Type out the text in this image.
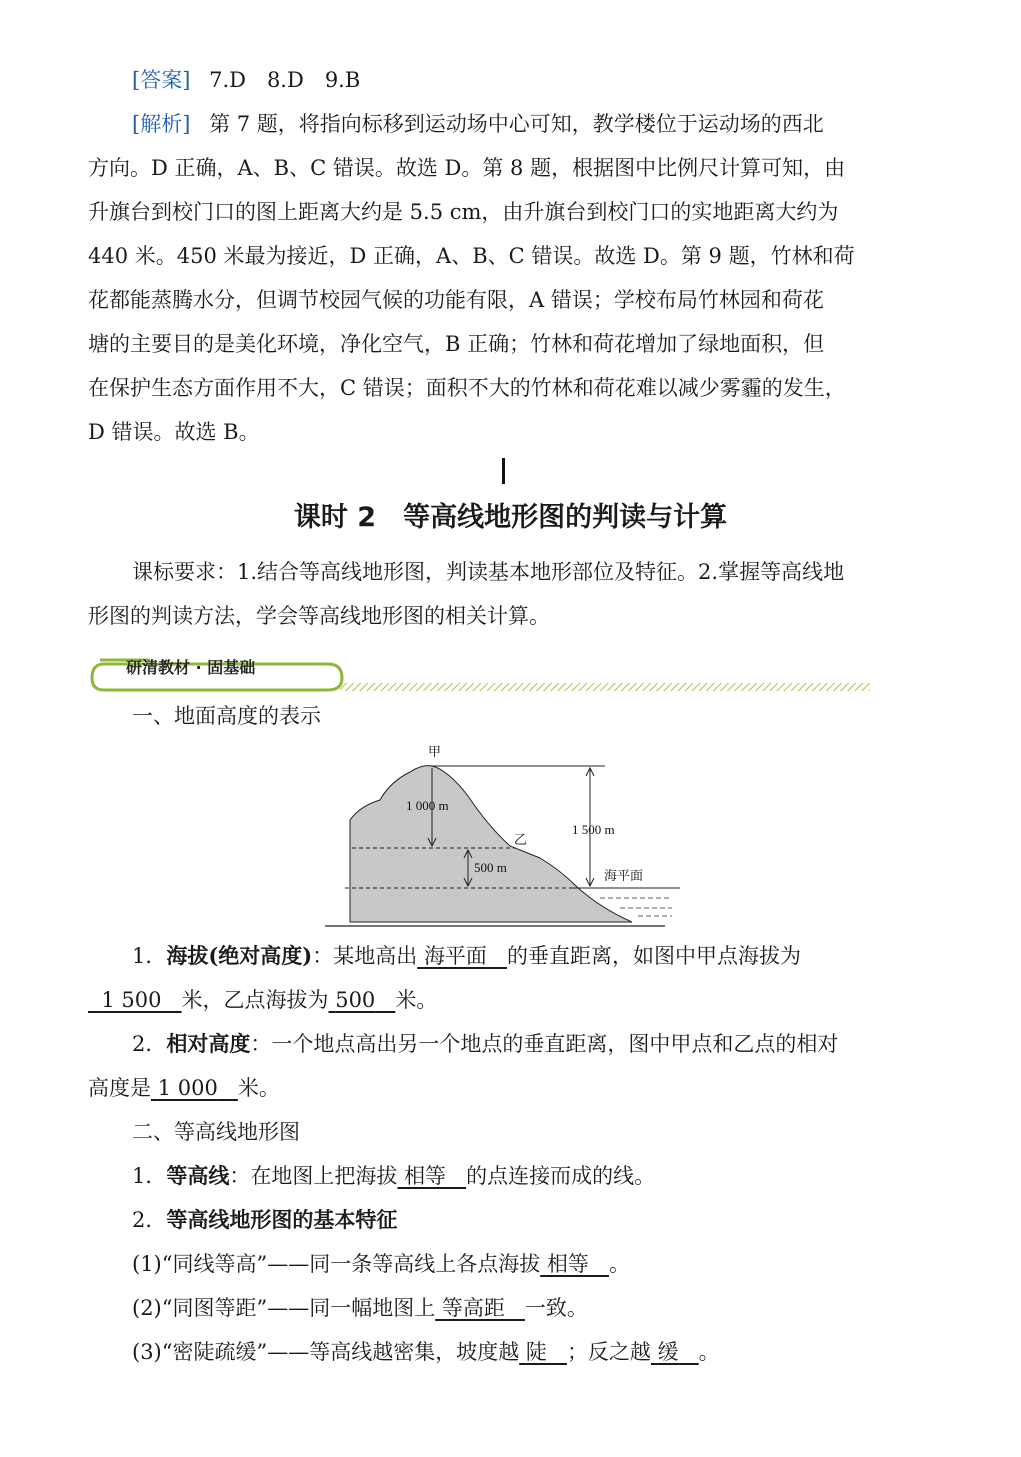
[答案] 7.D　8.D　9.B
[解析] 第 7 题，将指向标移到运动场中心可知，教学楼位于运动场的西北
方向。D 正确，A、B、C 错误。故选 D。第 8 题，根据图中比例尺计算可知，由
升旗台到校门口的图上距离大约是 5.5 cm，由升旗台到校门口的实地距离大约为
440 米。450 米最为接近，D 正确，A、B、C 错误。故选 D。第 9 题，竹林和荷
花都能蒸腾水分，但调节校园气候的功能有限，A 错误；学校布局竹林园和荷花
塘的主要目的是美化环境，净化空气，B 正确；竹林和荷花增加了绿地面积，但
在保护生态方面作用不大，C 错误；面积不大的竹林和荷花难以减少雾霾的发生，
D 错误。故选 B。
课时 2　等高线地形图的判读与计算
课标要求：1.结合等高线地形图，判读基本地形部位及特征。2.掌握等高线地
形图的判读方法，学会等高线地形图的相关计算。
研清教材 · 固基础
一、地面高度的表示
甲
1 000 m
乙
500 m
1 500 m
海平面
1．海拔(绝对高度)：某地高出 海平面 的垂直距离，如图中甲点海拔为
1 500 米，乙点海拔为 500 米。
2．相对高度：一个地点高出另一个地点的垂直距离，图中甲点和乙点的相对
高度是 1 000 米。
二、等高线地形图
1．等高线：在地图上把海拔 相等 的点连接而成的线。
2．等高线地形图的基本特征
(1)“同线等高”——同一条等高线上各点海拔 相等 。
(2)“同图等距”——同一幅地图上 等高距 一致。
(3)“密陡疏缓”——等高线越密集，坡度越 陡 ；反之越 缓 。
